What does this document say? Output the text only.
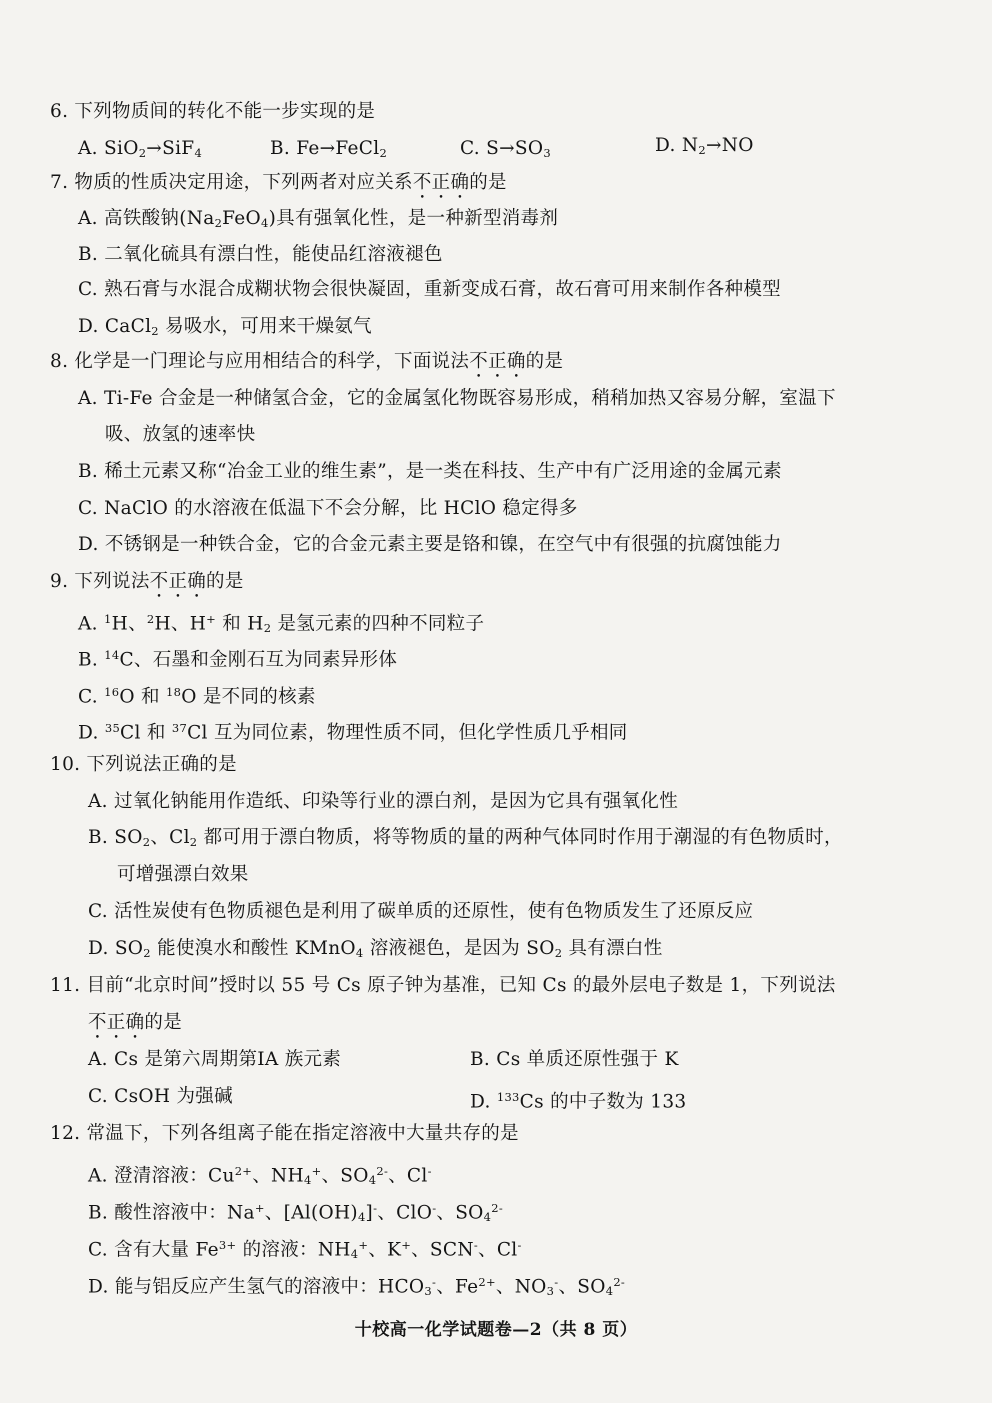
6. 下列物质间的转化不能一步实现的是
A. SiO$_2$→SiF$_4$	B. Fe→FeCl$_2$	C. $S\to SO_3$	D. $N_2\to NO$
7. 物质的性质决定用途，下列两者对应关系不正确的是
A. 高铁酸钠$(Na_2FeO_4)$具有强氧化性，是一种新型消毒剂
B. 二氧化硫具有漂白性，能使品红溶液褪色
C. 熟石膏与水混合成糊状物会很快凝固，重新变成石膏，故石膏可用来制作各种模型
D. CaCl$_2$ 易吸水，可用来干燥氨气
8. 化学是一门理论与应用相结合的科学，下面说法不正确的是
A. Ti-Fe 合金是一种储氢合金，它的金属氢化物既容易形成，稍稍加热又容易分解，室温下
吸、放氢的速率快
B. 稀土元素又称“冶金工业的维生素”，是一类在科技、生产中有广泛用途的金属元素
C. NaClO 的水溶液在低温下不会分解，比 HClO 稳定得多
D. 不锈钢是一种铁合金，它的合金元素主要是铬和镍，在空气中有很强的抗腐蚀能力
9. 下列说法不正确的是
A. $^1$H、$^2$H、H+ 和 $H_2$ 是氢元素的四种不同粒子
B. $^{14}$C、石墨和金刚石互为同素异形体
C. $^{16}$O 和 $^{18}$O 是不同的核素
D. $^{35}$Cl 和 $^{37}$Cl 互为同位素，物理性质不同，但化学性质几乎相同
10. 下列说法正确的是
A. 过氧化钠能用作造纸、印染等行业的漂白剂，是因为它具有强氧化性
B. $SO_2$、$Cl_2$ 都可用于漂白物质，将等物质的量的两种气体同时作用于潮湿的有色物质时，
可增强漂白效果
C. 活性炭使有色物质褪色是利用了碳单质的还原性，使有色物质发生了还原反应
D. $SO_2$ 能使溴水和酸性 KMnO$_4$ 溶液褪色，是因为 $SO_2$ 具有漂白性
11. 目前“北京时间”授时以 55 号 Cs 原子钟为基准，已知 Cs 的最外层电子数是 1，下列说法
不正确的是
A. Cs 是第六周期第ⅠA 族元素	B. Cs 单质还原性强于 K
C. CsOH 为强碱	D. $^{133}$Cs 的中子数为 133
12. 常温下，下列各组离子能在指定溶液中大量共存的是
A. 澄清溶液：$Cu^{2+}$、$NH_4^+$、$SO_4^{2-}$、Cl-
B. 酸性溶液中：Na+、$[Al(OH)_4]^-$、ClO-、$SO_4^{2-}$
C. 含有大量 $Fe^{3+}$ 的溶液：$NH_4^+$、K+、SCN-、Cl-
D. 能与铝反应产生氢气的溶液中：$HCO_3^-$、$Fe^{2+}$、$NO_3^-$、$SO_4^{2-}$
十校高一化学试题卷—2（共 8 页）
